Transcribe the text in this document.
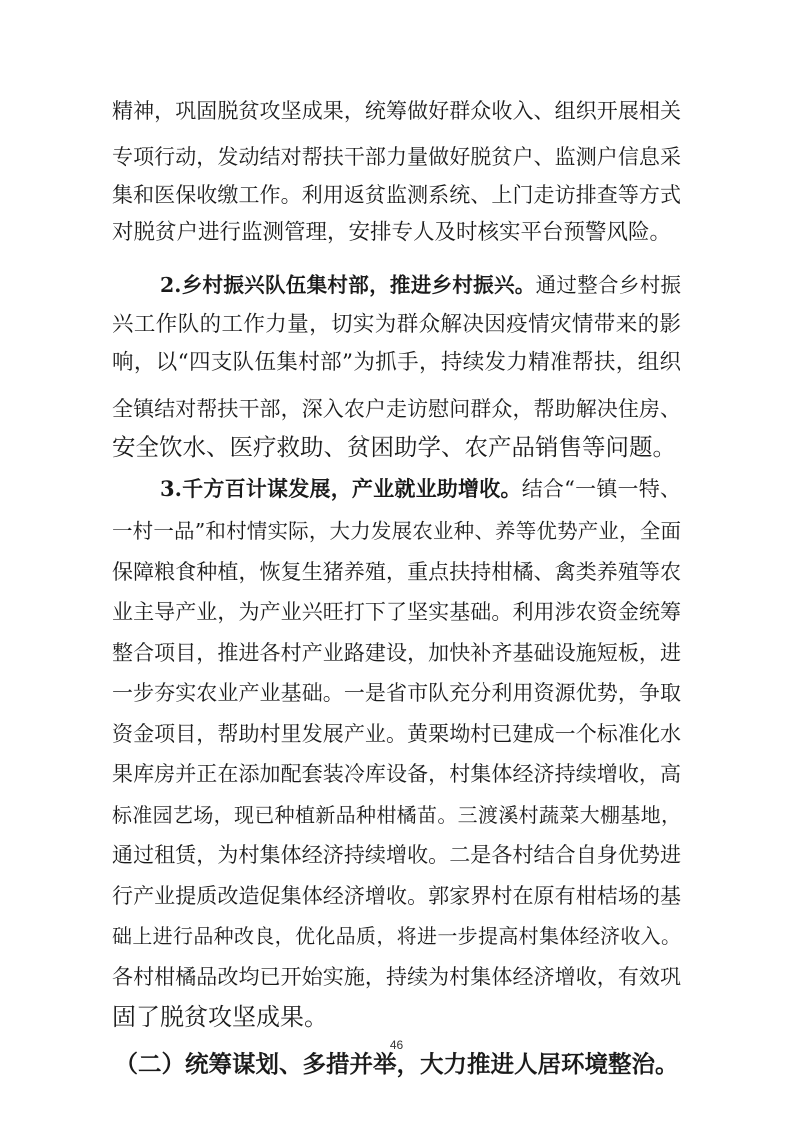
精神，巩固脱贫攻坚成果，统筹做好群众收入、组织开展相关
专项行动，发动结对帮扶干部力量做好脱贫户、监测户信息采
集和医保收缴工作。利用返贫监测系统、上门走访排查等方式
对脱贫户进行监测管理，安排专人及时核实平台预警风险。
2.乡村振兴队伍集村部，推进乡村振兴。通过整合乡村振
兴工作队的工作力量，切实为群众解决因疫情灾情带来的影
响，以“四支队伍集村部”为抓手，持续发力精准帮扶，组织
全镇结对帮扶干部，深入农户走访慰问群众，帮助解决住房、
安全饮水、医疗救助、贫困助学、农产品销售等问题。
3.千方百计谋发展，产业就业助增收。结合“一镇一特、
一村一品”和村情实际，大力发展农业种、养等优势产业，全面
保障粮食种植，恢复生猪养殖，重点扶持柑橘、禽类养殖等农
业主导产业，为产业兴旺打下了坚实基础。利用涉农资金统筹
整合项目，推进各村产业路建设，加快补齐基础设施短板，进
一步夯实农业产业基础。一是省市队充分利用资源优势，争取
资金项目，帮助村里发展产业。黄栗坳村已建成一个标准化水
果库房并正在添加配套装冷库设备，村集体经济持续增收，高
标准园艺场，现已种植新品种柑橘苗。三渡溪村蔬菜大棚基地，
通过租赁，为村集体经济持续增收。二是各村结合自身优势进
行产业提质改造促集体经济增收。郭家界村在原有柑桔场的基
础上进行品种改良，优化品质，将进一步提高村集体经济收入。
各村柑橘品改均已开始实施，持续为村集体经济增收，有效巩
46
固了脱贫攻坚成果。
（二）统筹谋划、多措并举，大力推进人居环境整治。
